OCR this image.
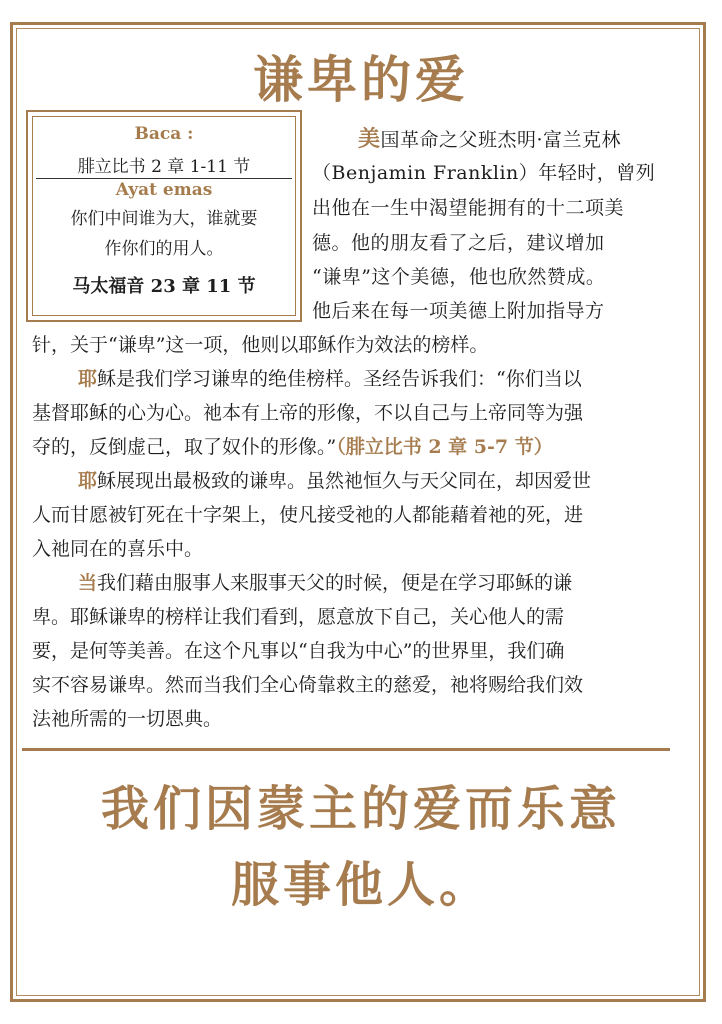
谦卑的爱
Baca :
腓立比书 2 章 1-11 节
Ayat emas
你们中间谁为大，谁就要
作你们的用人。
马太福音 23 章 11 节
美国革命之父班杰明·富兰克林
（Benjamin Franklin）年轻时，曾列
出他在一生中渴望能拥有的十二项美
德。他的朋友看了之后，建议增加
“谦卑”这个美德，他也欣然赞成。
他后来在每一项美德上附加指导方
针，关于“谦卑”这一项，他则以耶稣作为效法的榜样。
耶稣是我们学习谦卑的绝佳榜样。圣经告诉我们：“你们当以
基督耶稣的心为心。祂本有上帝的形像，不以自己与上帝同等为强
夺的，反倒虚己，取了奴仆的形像。”（腓立比书 2 章 5-7 节）
耶稣展现出最极致的谦卑。虽然祂恒久与天父同在，却因爱世
人而甘愿被钉死在十字架上，使凡接受祂的人都能藉着祂的死，进
入祂同在的喜乐中。
当我们藉由服事人来服事天父的时候，便是在学习耶稣的谦
卑。耶稣谦卑的榜样让我们看到，愿意放下自己，关心他人的需
要，是何等美善。在这个凡事以“自我为中心”的世界里，我们确
实不容易谦卑。然而当我们全心倚靠救主的慈爱，祂将赐给我们效
法祂所需的一切恩典。
我们因蒙主的爱而乐意
服事他人。
